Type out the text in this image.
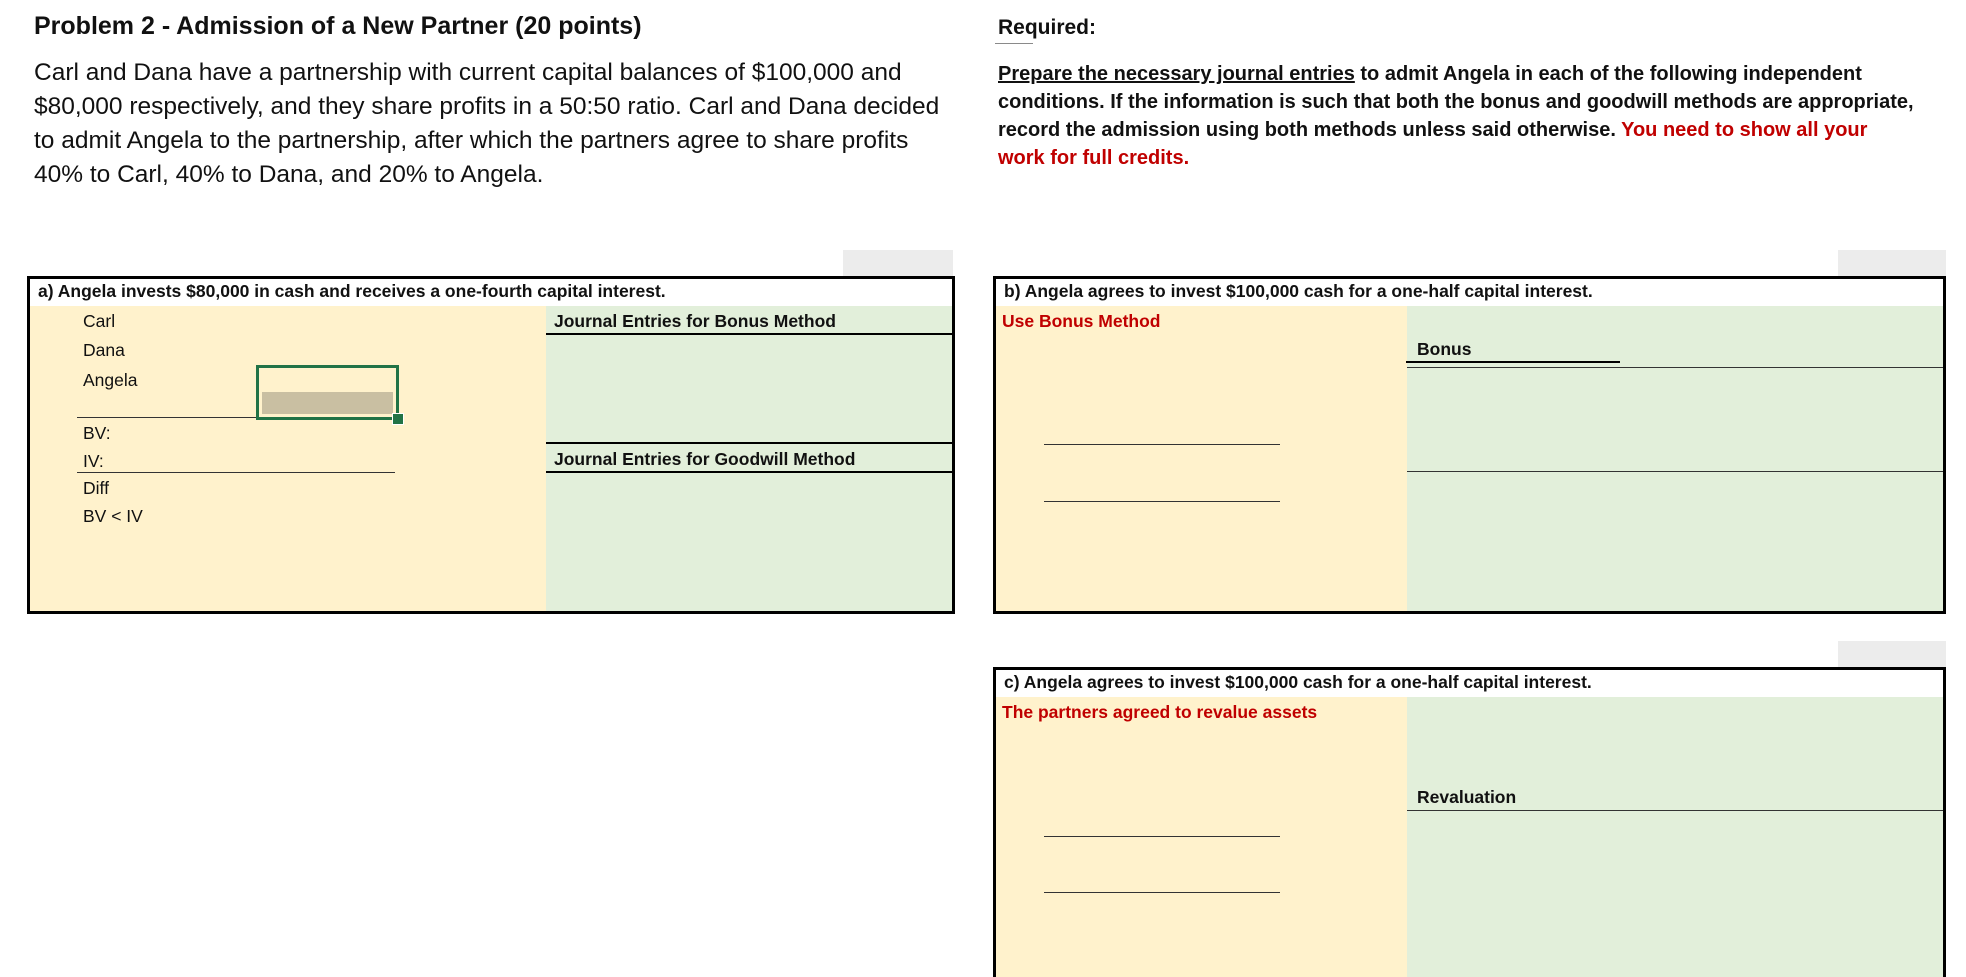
Problem 2 - Admission of a New Partner (20 points)
Carl and Dana have a partnership with current capital balances of $100,000 and $80,000 respectively, and they share profits in a 50:50 ratio. Carl and Dana decided to admit Angela to the partnership, after which the partners agree to share profits 40% to Carl, 40% to Dana, and 20% to Angela.
Required:
Prepare the necessary journal entries to admit Angela in each of the following independent conditions. If the information is such that both the bonus and goodwill methods are appropriate, record the admission using both methods unless said otherwise. You need to show all your work for full credits.
a) Angela invests $80,000 in cash and receives a one-fourth capital interest.
Carl
Dana
Angela
BV:
IV:
Diff
BV < IV
Journal Entries for Bonus Method
Journal Entries for Goodwill Method
b) Angela agrees to invest $100,000 cash for a one-half capital interest.
Use Bonus Method
Bonus
c) Angela agrees to invest $100,000 cash for a one-half capital interest.
The partners agreed to revalue assets
Revaluation
